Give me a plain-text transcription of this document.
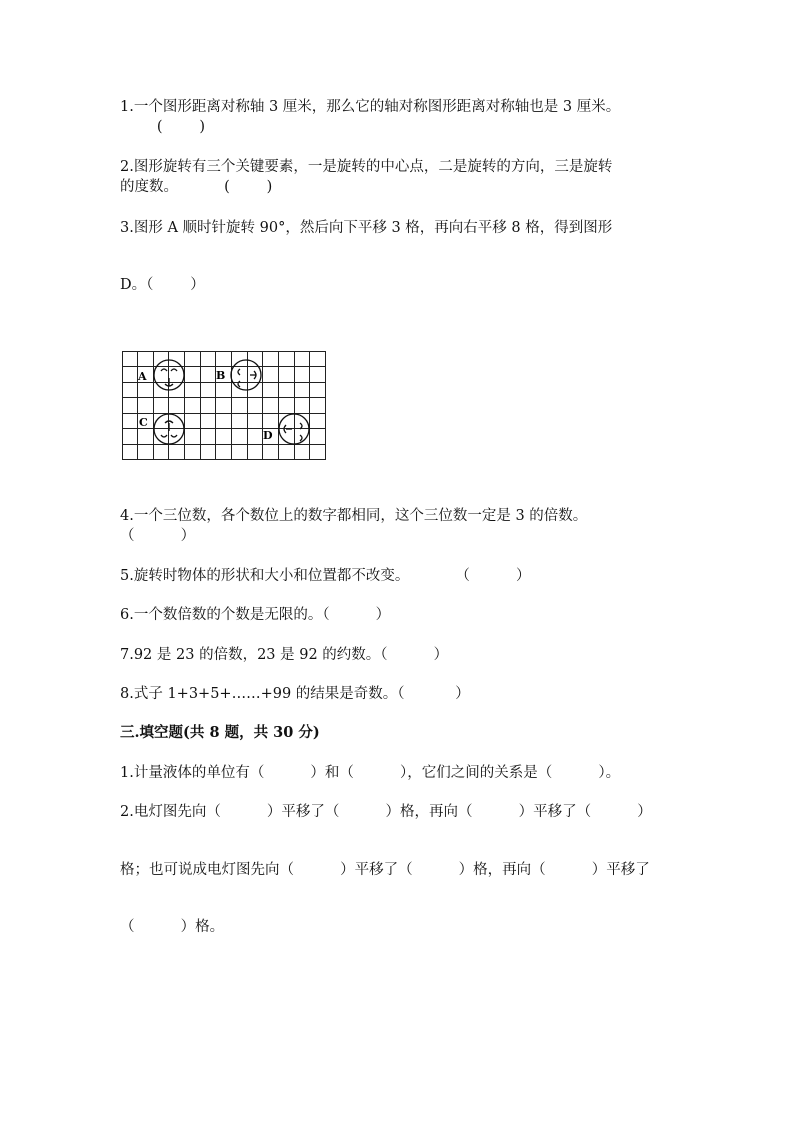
1.一个图形距离对称轴 3 厘米，那么它的轴对称图形距离对称轴也是 3 厘米。
(        )
2.图形旋转有三个关键要素，一是旋转的中心点，二是旋转的方向，三是旋转
的度数。          (        )
3.图形 A 顺时针旋转 90°，然后向下平移 3 格，再向右平移 8 格，得到图形
D。（        ）
A	B
C
D
4.一个三位数，各个数位上的数字都相同，这个三位数一定是 3 的倍数。
（          ）
5.旋转时物体的形状和大小和位置都不改变。          （          ）
6.一个数倍数的个数是无限的。（          ）
7.92 是 23 的倍数，23 是 92 的约数。（          ）
8.式子 1+3+5+……+99 的结果是奇数。（           ）
三.填空题(共 8 题，共 30 分)
1.计量液体的单位有（          ）和（          ），它们之间的关系是（          ）。
2.电灯图先向（          ）平移了（          ）格，再向（          ）平移了（          ）
格；也可说成电灯图先向（          ）平移了（          ）格，再向（          ）平移了
（          ）格。
